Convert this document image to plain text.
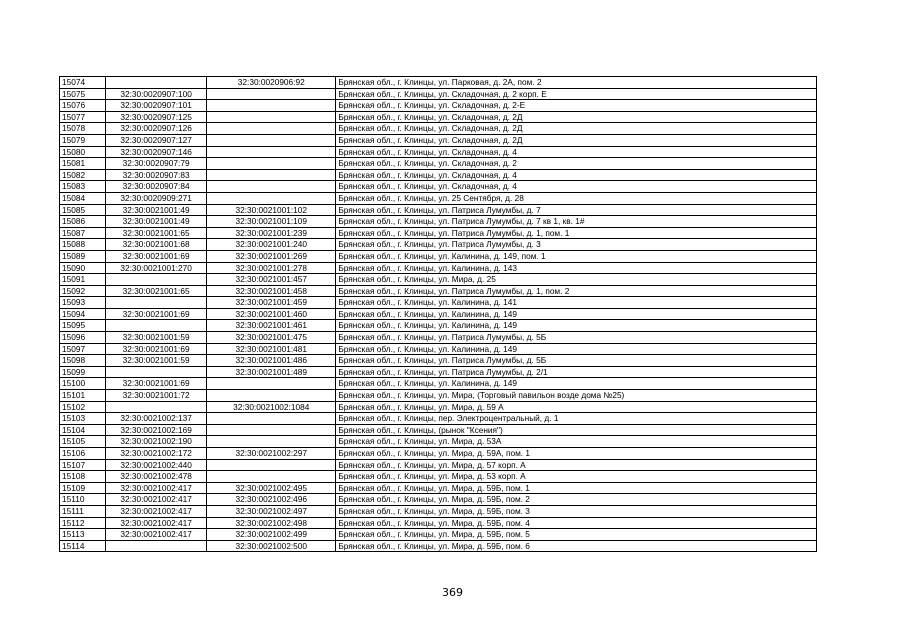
15074		32:30:0020906:92	Брянская обл., г. Клинцы, ул. Парковая, д. 2А, пом. 2
15075	32:30:0020907:100		Брянская обл., г. Клинцы, ул. Складочная, д. 2 корп. Е
15076	32:30:0020907:101		Брянская обл., г. Клинцы, ул. Складочная, д. 2-Е
15077	32:30:0020907:125		Брянская обл., г. Клинцы, ул. Складочная, д. 2Д
15078	32:30:0020907:126		Брянская обл., г. Клинцы, ул. Складочная, д. 2Д
15079	32:30:0020907:127		Брянская обл., г. Клинцы, ул. Складочная, д. 2Д
15080	32:30:0020907:146		Брянская обл., г. Клинцы, ул. Складочная, д. 4
15081	32:30:0020907:79		Брянская обл., г. Клинцы, ул. Складочная, д. 2
15082	32:30:0020907:83		Брянская обл., г. Клинцы, ул. Складочная, д. 4
15083	32:30:0020907:84		Брянская обл., г. Клинцы, ул. Складочная, д. 4
15084	32:30:0020909:271		Брянская обл., г. Клинцы, ул. 25 Сентября, д. 28
15085	32:30:0021001:49	32:30:0021001:102	Брянская обл., г. Клинцы, ул. Патриса Лумумбы, д. 7
15086	32:30:0021001:49	32:30:0021001:109	Брянская обл., г. Клинцы, ул. Патриса Лумумбы, д. 7 кв 1, кв. 1#
15087	32:30:0021001:65	32:30:0021001:239	Брянская обл., г. Клинцы, ул. Патриса Лумумбы, д. 1, пом. 1
15088	32:30:0021001:68	32:30:0021001:240	Брянская обл., г. Клинцы, ул. Патриса Лумумбы, д. 3
15089	32:30:0021001:69	32:30:0021001:269	Брянская обл., г. Клинцы, ул. Калинина, д. 149, пом. 1
15090	32:30:0021001:270	32:30:0021001:278	Брянская обл., г. Клинцы, ул. Калинина, д. 143
15091		32:30:0021001:457	Брянская обл., г. Клинцы, ул. Мира, д. 25
15092	32:30:0021001:65	32:30:0021001:458	Брянская обл., г. Клинцы, ул. Патриса Лумумбы, д. 1, пом. 2
15093		32:30:0021001:459	Брянская обл., г. Клинцы, ул. Калинина, д. 141
15094	32:30:0021001:69	32:30:0021001:460	Брянская обл., г. Клинцы, ул. Калинина, д. 149
15095		32:30:0021001:461	Брянская обл., г. Клинцы, ул. Калинина, д. 149
15096	32:30:0021001:59	32:30:0021001:475	Брянская обл., г. Клинцы, ул. Патриса Лумумбы, д. 5Б
15097	32:30:0021001:69	32:30:0021001:481	Брянская обл., г. Клинцы, ул. Калинина, д. 149
15098	32:30:0021001:59	32:30:0021001:486	Брянская обл., г. Клинцы, ул. Патриса Лумумбы, д. 5Б
15099		32:30:0021001:489	Брянская обл., г. Клинцы, ул. Патриса Лумумбы, д. 2/1
15100	32:30:0021001:69		Брянская обл., г. Клинцы, ул. Калинина, д. 149
15101	32:30:0021001:72		Брянская обл., г. Клинцы, ул. Мира, (Торговый павильон возде дома №25)
15102		32:30:0021002:1084	Брянская обл., г. Клинцы, ул. Мира, д. 59 А
15103	32:30:0021002:137		Брянская обл., г. Клинцы, пер. Электроцентральный, д. 1
15104	32:30:0021002:169		Брянская обл., г. Клинцы, (рынок "Ксения")
15105	32:30:0021002:190		Брянская обл., г. Клинцы, ул. Мира, д. 53А
15106	32:30:0021002:172	32:30:0021002:297	Брянская обл., г. Клинцы, ул. Мира, д. 59А, пом. 1
15107	32:30:0021002:440		Брянская обл., г. Клинцы, ул. Мира, д. 57 корп. А
15108	32:30:0021002:478		Брянская обл., г. Клинцы, ул. Мира, д. 53 корп. А
15109	32:30:0021002:417	32:30:0021002:495	Брянская обл., г. Клинцы, ул. Мира, д. 59Б, пом. 1
15110	32:30:0021002:417	32:30:0021002:496	Брянская обл., г. Клинцы, ул. Мира, д. 59Б, пом. 2
15111	32:30:0021002:417	32:30:0021002:497	Брянская обл., г. Клинцы, ул. Мира, д. 59Б, пом. 3
15112	32:30:0021002:417	32:30:0021002:498	Брянская обл., г. Клинцы, ул. Мира, д. 59Б, пом. 4
15113	32:30:0021002:417	32:30:0021002:499	Брянская обл., г. Клинцы, ул. Мира, д. 59Б, пом. 5
15114		32:30:0021002:500	Брянская обл., г. Клинцы, ул. Мира, д. 59Б, пом. 6
369
